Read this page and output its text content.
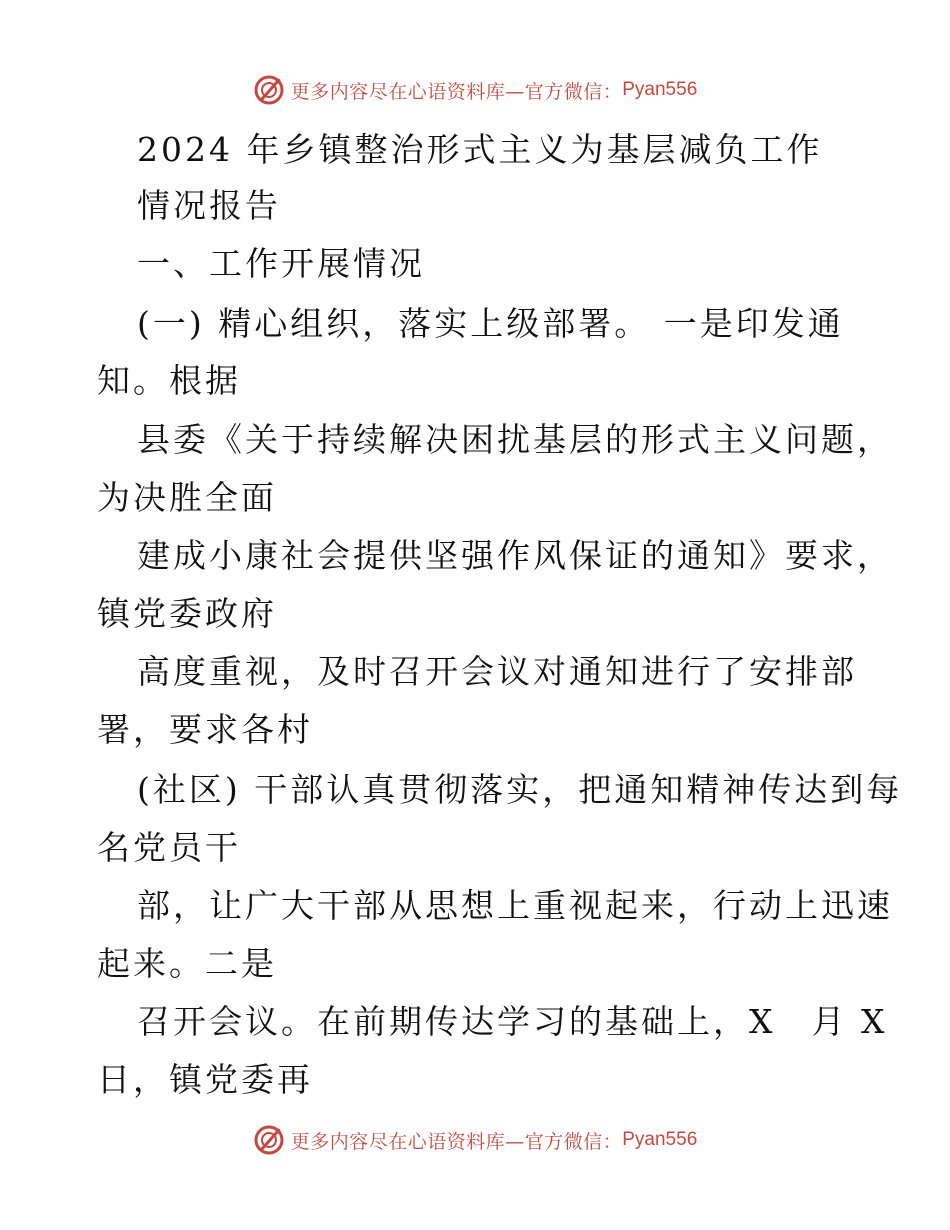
更多内容尽在心语资料库—官方微信： Pyan556
2024 年乡镇整治形式主义为基层减负工作
情况报告
一、工作开展情况
(一) 精心组织，落实上级部署。 一是印发通
知。根据
县委《关于持续解决困扰基层的形式主义问题，
为决胜全面
建成小康社会提供坚强作风保证的通知》要求，
镇党委政府
高度重视，及时召开会议对通知进行了安排部
署，要求各村
(社区) 干部认真贯彻落实，把通知精神传达到每
名党员干
部，让广大干部从思想上重视起来，行动上迅速
起来。二是
召开会议。在前期传达学习的基础上，X　月 X
日，镇党委再
更多内容尽在心语资料库—官方微信： Pyan556
